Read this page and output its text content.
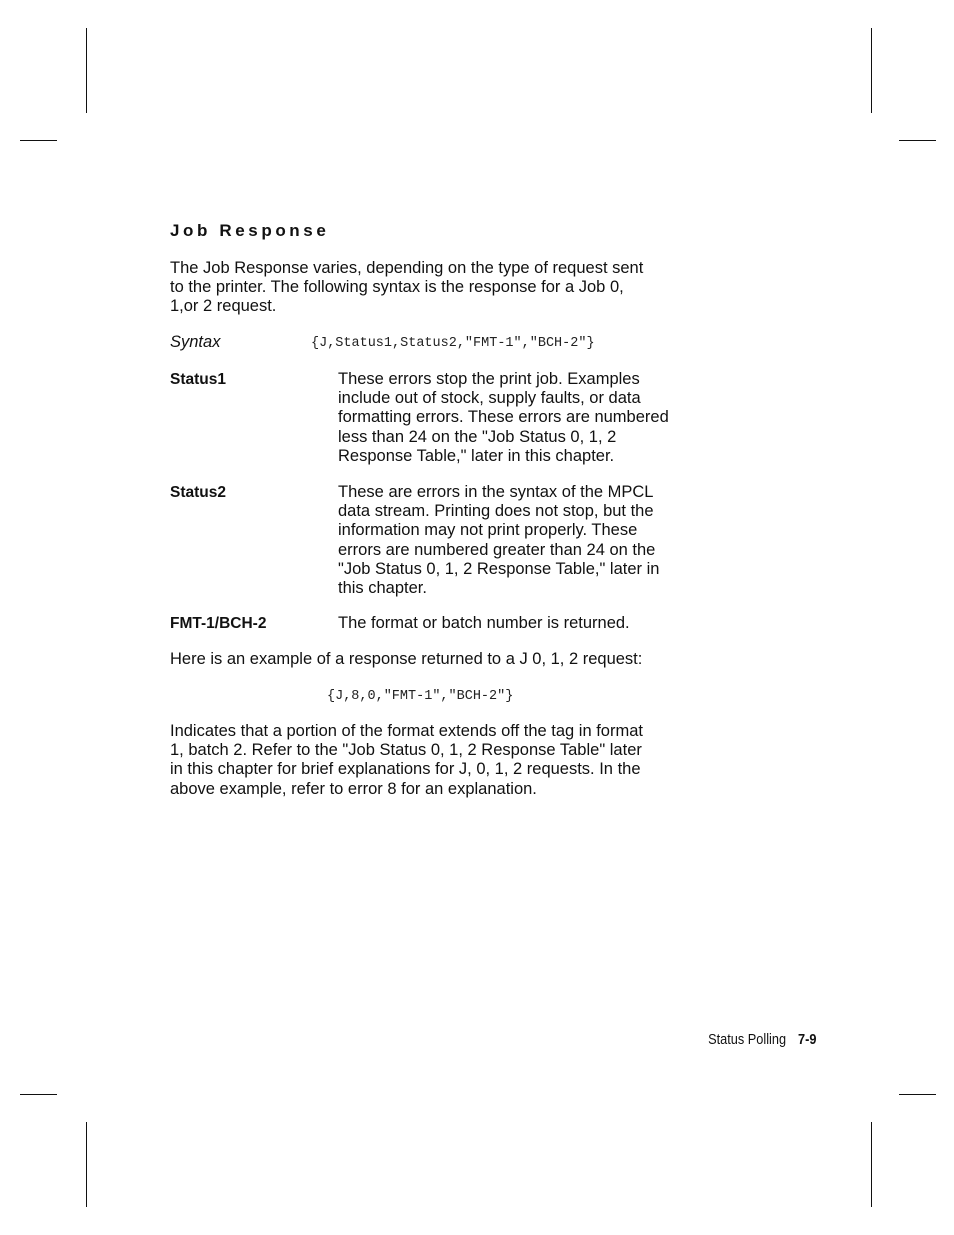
Job Response
The Job Response varies, depending on the type of request sent
to the printer. The following syntax is the response for a Job 0,
1,or 2 request.
Syntax	{J,Status1,Status2,"FMT-1","BCH-2"}
Status1	These errors stop the print job. Examples
include out of stock, supply faults, or data
formatting errors. These errors are numbered
less than 24 on the "Job Status 0, 1, 2
Response Table," later in this chapter.
Status2	These are errors in the syntax of the MPCL
data stream. Printing does not stop, but the
information may not print properly. These
errors are numbered greater than 24 on the
"Job Status 0, 1, 2 Response Table," later in
this chapter.
FMT-1/BCH-2	The format or batch number is returned.
Here is an example of a response returned to a J 0, 1, 2 request:
{J,8,0,"FMT-1","BCH-2"}
Indicates that a portion of the format extends off the tag in format
1, batch 2. Refer to the "Job Status 0, 1, 2 Response Table" later
in this chapter for brief explanations for J, 0, 1, 2 requests. In the
above example, refer to error 8 for an explanation.
Status Polling 7-9
